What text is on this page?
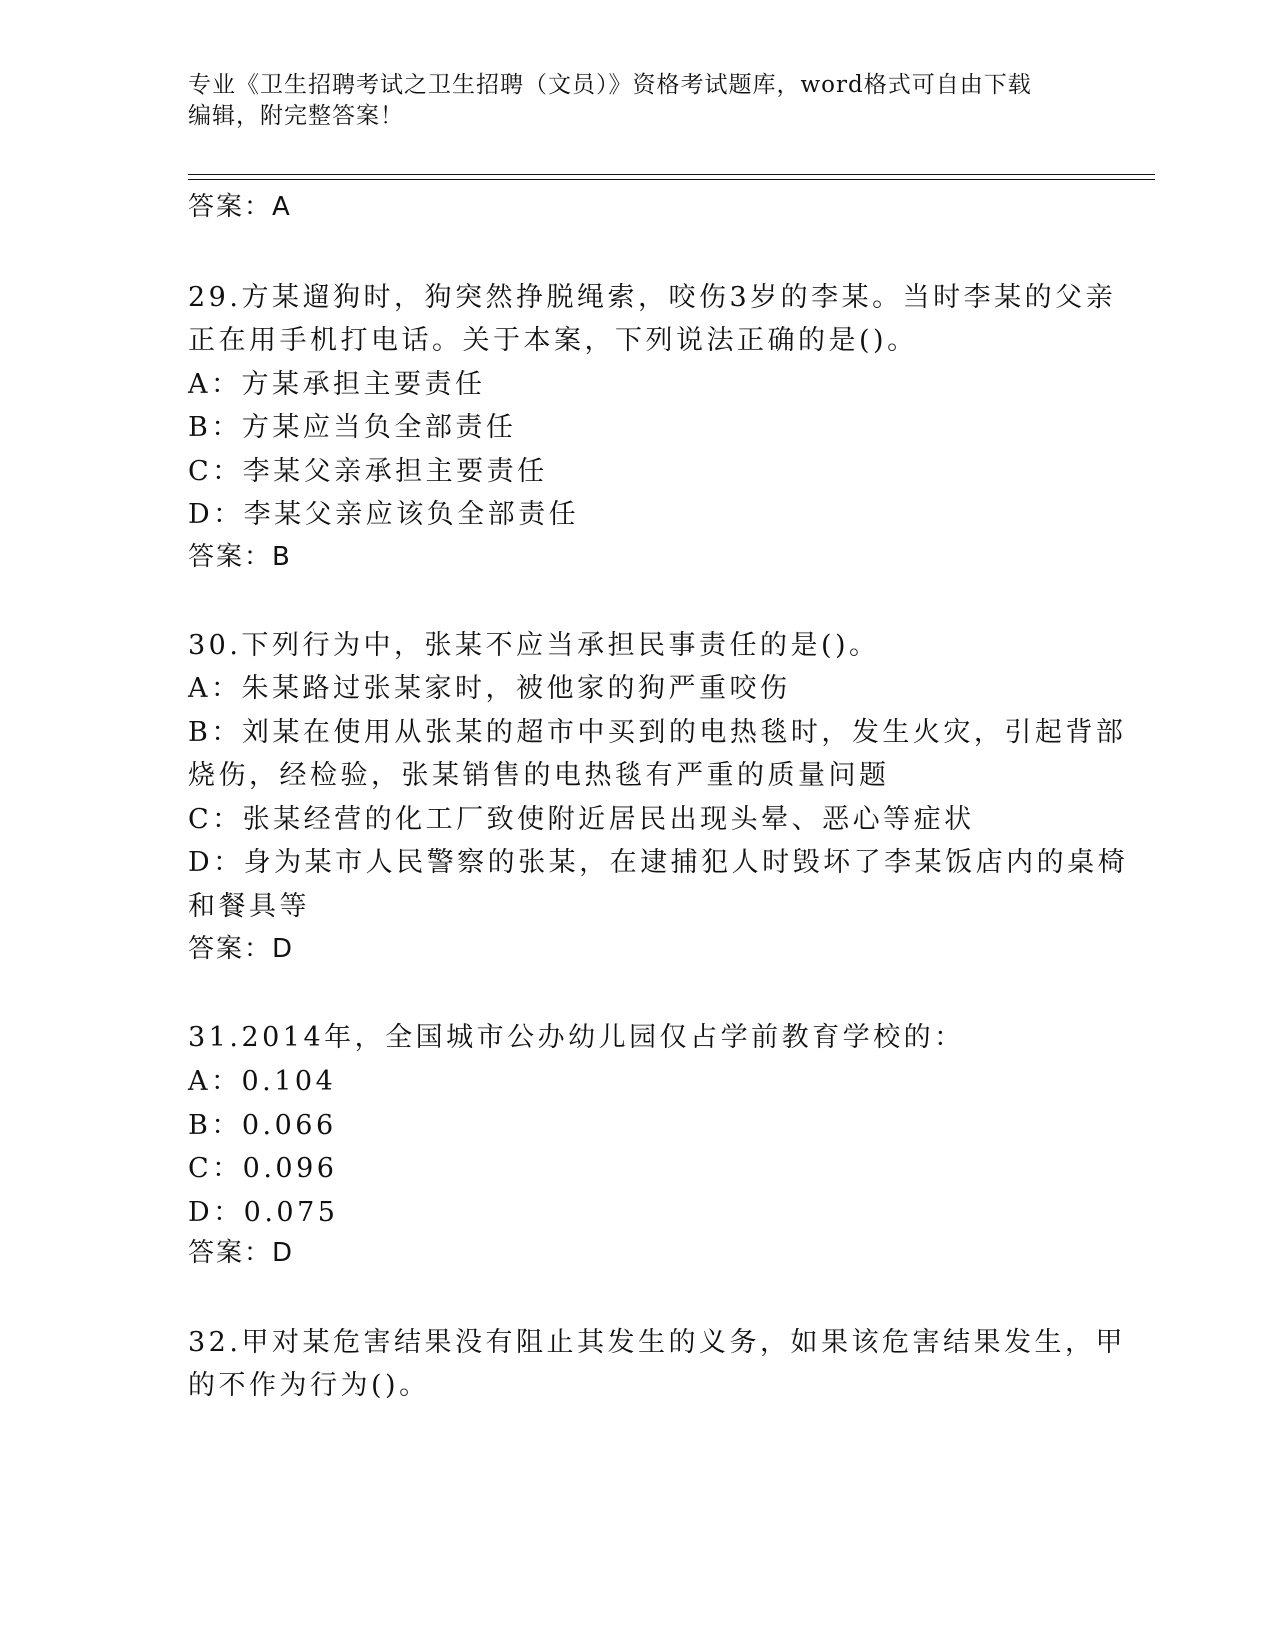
专业《卫生招聘考试之卫生招聘（文员）》资格考试题库，word格式可自由下载
编辑，附完整答案！
答案：A
29.方某遛狗时，狗突然挣脱绳索，咬伤3岁的李某。当时李某的父亲
正在用手机打电话。关于本案，下列说法正确的是()。
A：方某承担主要责任
B：方某应当负全部责任
C：李某父亲承担主要责任
D：李某父亲应该负全部责任
答案：B
30.下列行为中，张某不应当承担民事责任的是()。
A：朱某路过张某家时，被他家的狗严重咬伤
B：刘某在使用从张某的超市中买到的电热毯时，发生火灾，引起背部
烧伤，经检验，张某销售的电热毯有严重的质量问题
C：张某经营的化工厂致使附近居民出现头晕、恶心等症状
D：身为某市人民警察的张某，在逮捕犯人时毁坏了李某饭店内的桌椅
和餐具等
答案：D
31.2014年，全国城市公办幼儿园仅占学前教育学校的：
A：0.104
B：0.066
C：0.096
D：0.075
答案：D
32.甲对某危害结果没有阻止其发生的义务，如果该危害结果发生，甲
的不作为行为()。
